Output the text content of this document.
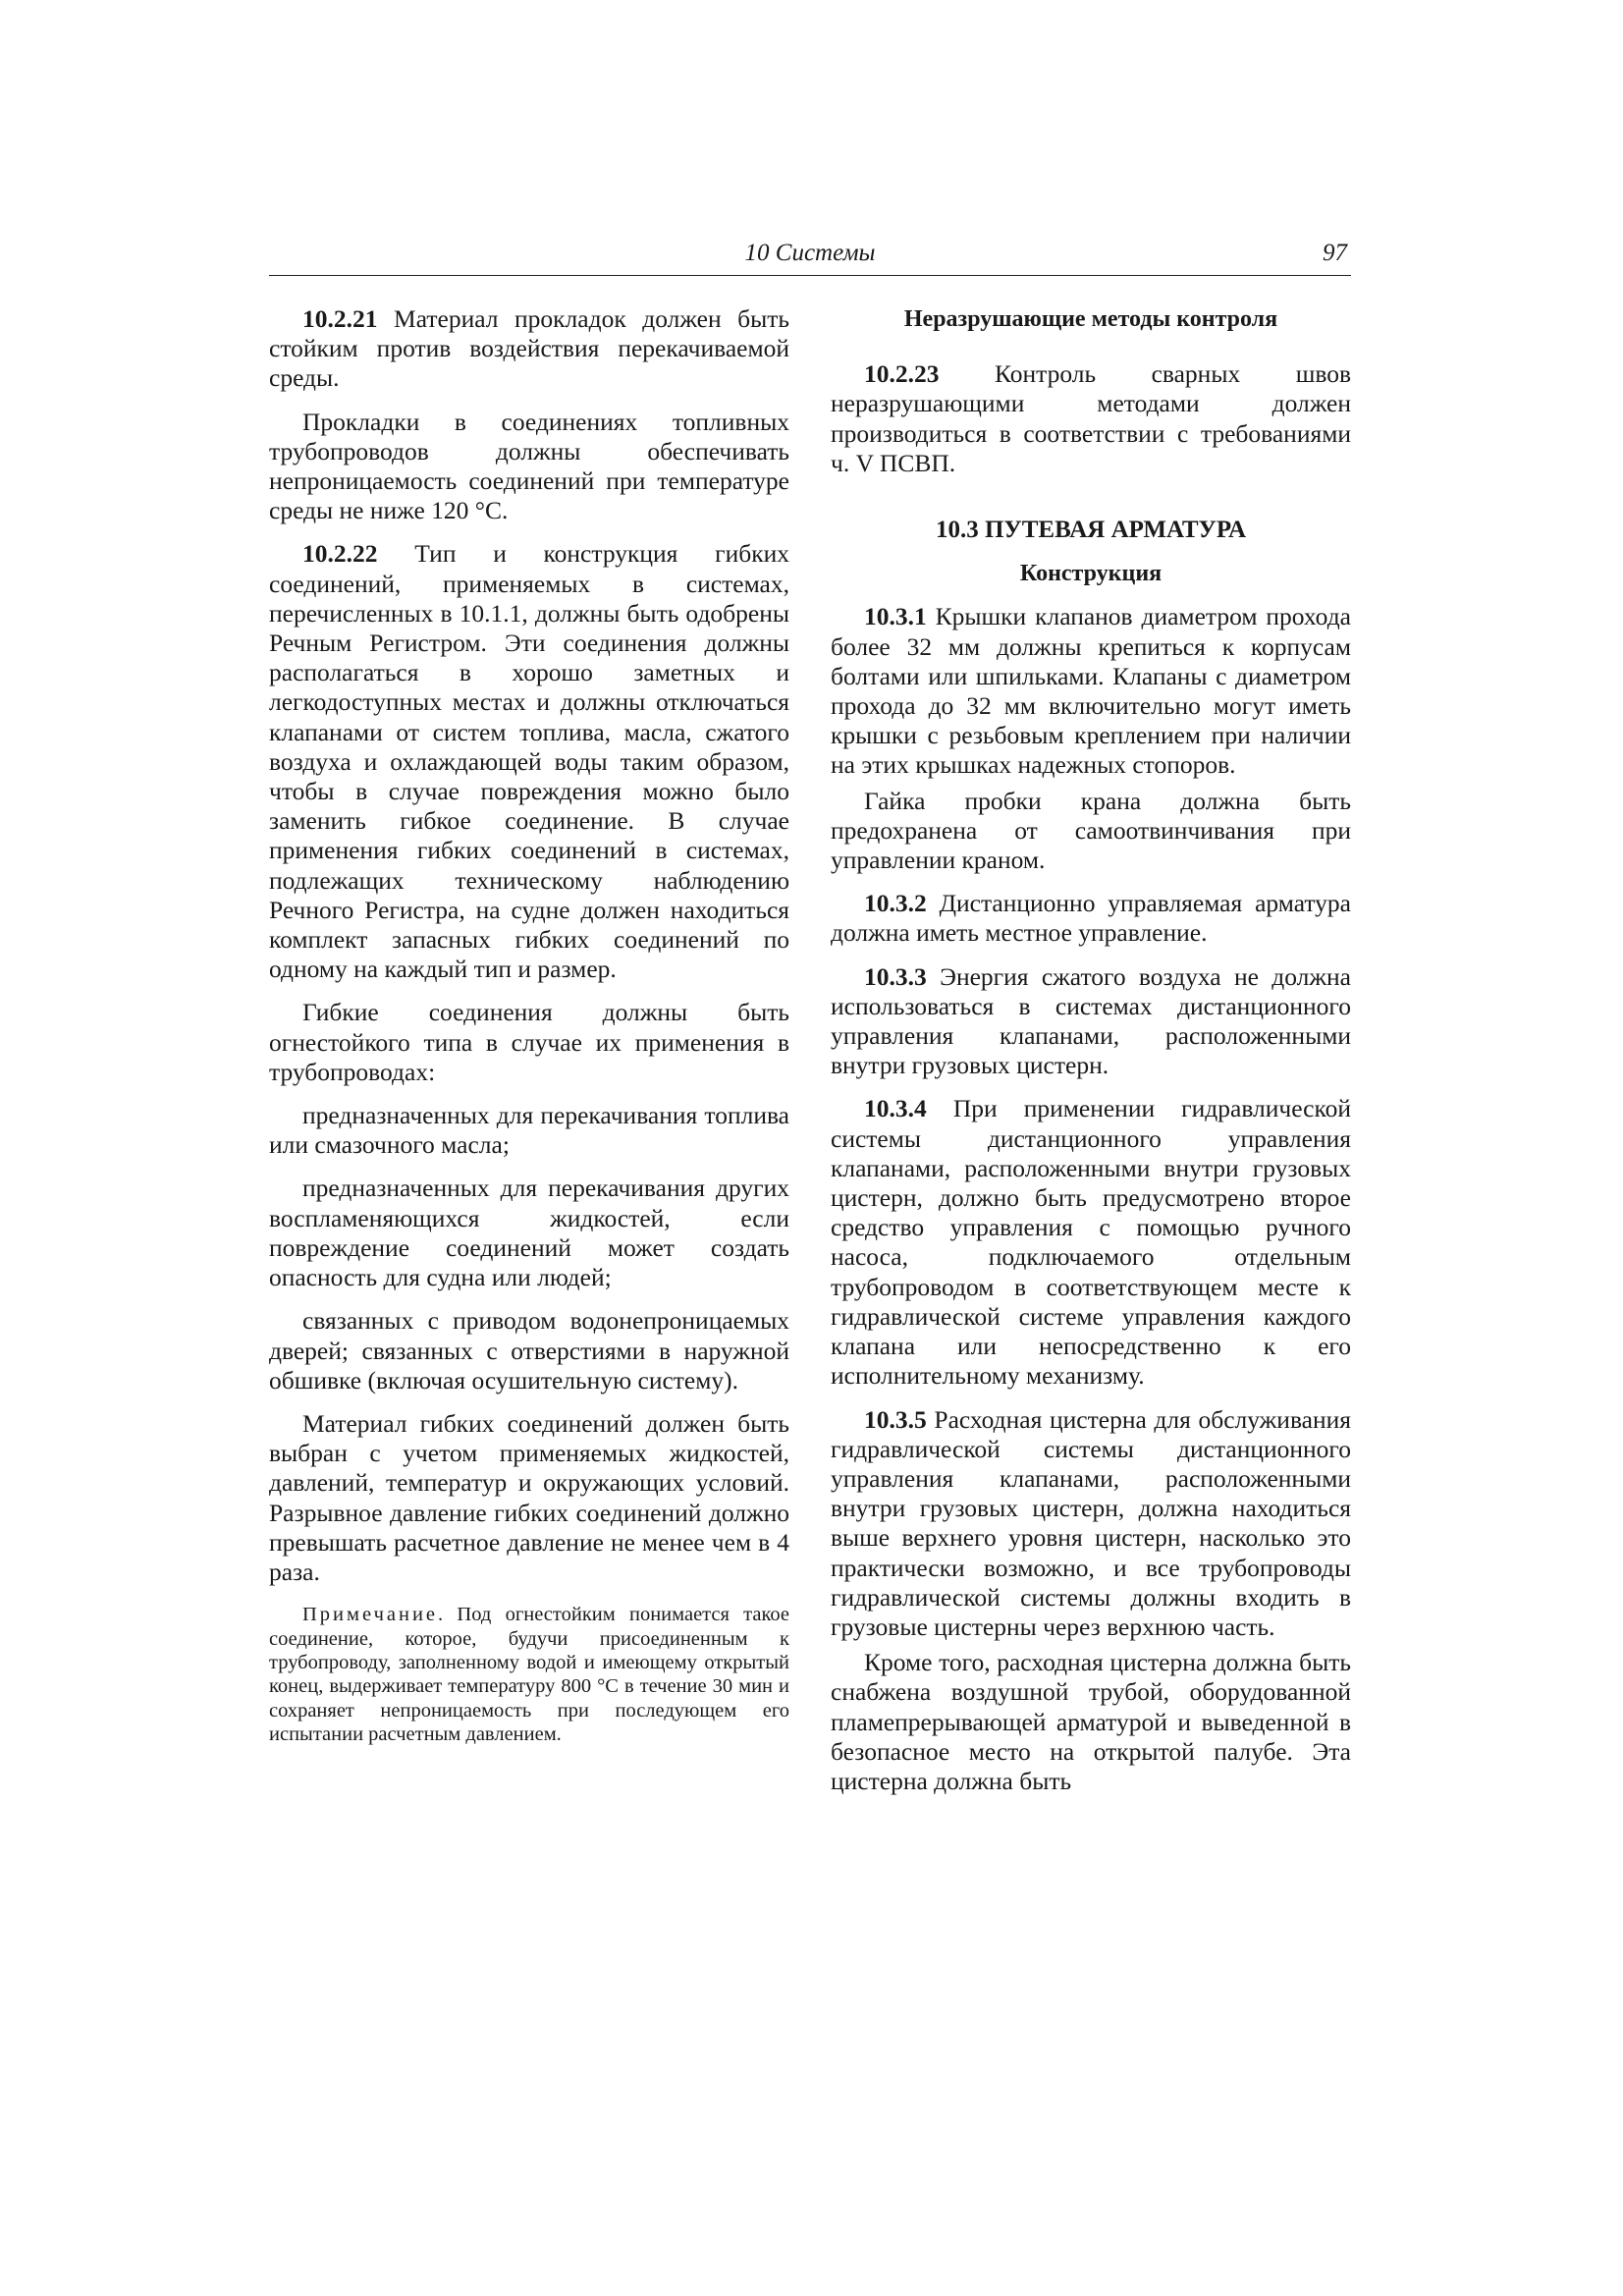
10 Системы	97

10.2.21 Материал прокладок должен быть стойким против воздействия перекачиваемой среды.

Прокладки в соединениях топливных трубопроводов должны обеспечивать непроницаемость соединений при температуре среды не ниже 120 °С.

10.2.22 Тип и конструкция гибких соединений, применяемых в системах, перечисленных в 10.1.1, должны быть одобрены Речным Регистром. Эти соединения должны располагаться в хорошо заметных и легкодоступных местах и должны отключаться клапанами от систем топлива, масла, сжатого воздуха и охлаждающей воды таким образом, чтобы в случае повреждения можно было заменить гибкое соединение. В случае применения гибких соединений в системах, подлежащих техническому наблюдению Речного Регистра, на судне должен находиться комплект запасных гибких соединений по одному на каждый тип и размер.

Гибкие соединения должны быть огнестойкого типа в случае их применения в трубопроводах:

предназначенных для перекачивания топлива или смазочного масла;

предназначенных для перекачивания других воспламеняющихся жидкостей, если повреждение соединений может создать опасность для судна или людей;

связанных с приводом водонепроницаемых дверей; связанных с отверстиями в наружной обшивке (включая осушительную систему).

Материал гибких соединений должен быть выбран с учетом применяемых жидкостей, давлений, температур и окружающих условий. Разрывное давление гибких соединений должно превышать расчетное давление не менее чем в 4 раза.

Примечание. Под огнестойким понимается такое соединение, которое, будучи присоединенным к трубопроводу, заполненному водой и имеющему открытый конец, выдерживает температуру 800 °С в течение 30 мин и сохраняет непроницаемость при последующем его испытании расчетным давлением.

Неразрушающие методы контроля

10.2.23 Контроль сварных швов неразрушающими методами должен производиться в соответствии с требованиями ч. V ПСВП.

10.3 ПУТЕВАЯ АРМАТУРА
Конструкция

10.3.1 Крышки клапанов диаметром прохода более 32 мм должны крепиться к корпусам болтами или шпильками. Клапаны с диаметром прохода до 32 мм включительно могут иметь крышки с резьбовым креплением при наличии на этих крышках надежных стопоров.

Гайка пробки крана должна быть предохранена от самоотвинчивания при управлении краном.

10.3.2 Дистанционно управляемая арматура должна иметь местное управление.

10.3.3 Энергия сжатого воздуха не должна использоваться в системах дистанционного управления клапанами, расположенными внутри грузовых цистерн.

10.3.4 При применении гидравлической системы дистанционного управления клапанами, расположенными внутри грузовых цистерн, должно быть предусмотрено второе средство управления с помощью ручного насоса, подключаемого отдельным трубопроводом в соответствующем месте к гидравлической системе управления каждого клапана или непосредственно к его исполнительному механизму.

10.3.5 Расходная цистерна для обслуживания гидравлической системы дистанционного управления клапанами, расположенными внутри грузовых цистерн, должна находиться выше верхнего уровня цистерн, насколько это практически возможно, и все трубопроводы гидравлической системы должны входить в грузовые цистерны через верхнюю часть.

Кроме того, расходная цистерна должна быть снабжена воздушной трубой, оборудованной пламепрерывающей арматурой и выведенной в безопасное место на открытой палубе. Эта цистерна должна быть
